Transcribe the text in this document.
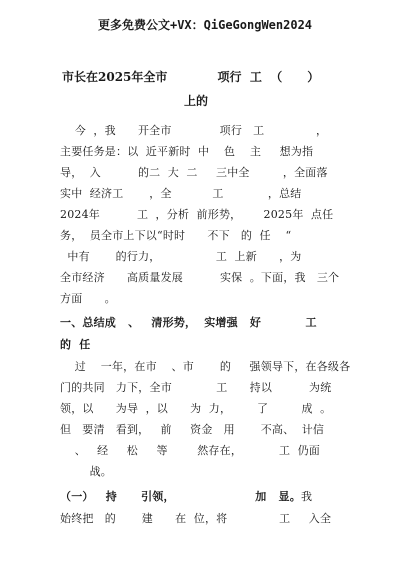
更多免费公文+VX：QiGeGongWen2024
市长在2025年全市            项行  工  （      ）
上的
今  ，我      开全市             项行   工              ，
主要任务是：以  近平新时  中    色    主     想为指
导，  入          的二  大  二     三中全         ，全面落
实中  经济工       ，全           工            ，总结
2024年          工  ，分析  前形势，      2025年  点任
务，  员全市上下以“时时      不下   的  任    “
中有       的行力，               工  上新      ，为
全市经济      高质量发展          实保  。下面，我   三个
方面      。
一、总结成   、   清形势，  实增强   好           工
的  任
过    一年，在市    、市       的     强领导下，在各级各
门的共同   力下，全市            工      持以          为统
领，以      为导  ，以      为  力，       了         成  。
但   要清   看到，   前     资金   用       不高、  计信
、   经     松     等        然存在，          工  仍面
战。
（一）   持      引领，                    加   显。我
始终把   的       建      在  位，将              工     入全
